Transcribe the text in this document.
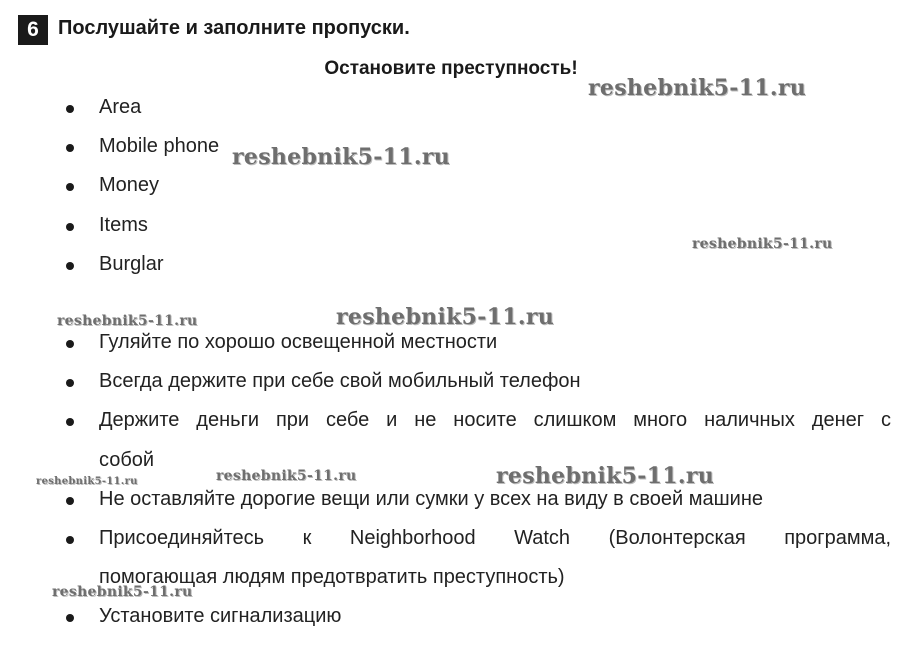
6 Послушайте и заполните пропуски.
Остановите преступность!
Area
Mobile phone
Money
Items
Burglar
Гуляйте по хорошо освещенной местности
Всегда держите при себе свой мобильный телефон
Держите деньги при себе и не носите слишком много наличных денег с
собой
Не оставляйте дорогие вещи или сумки у всех на виду в своей машине
Присоединяйтесь к Neighborhood Watch (Волонтерская программа,
помогающая людям предотвратить преступность)
Установите сигнализацию
reshebnik5-11.ru
reshebnik5-11.ru
reshebnik5-11.ru
reshebnik5-11.ru	reshebnik5-11.ru
reshebnik5-11.ru	reshebnik5-11.ru	reshebnik5-11.ru
reshebnik5-11.ru
